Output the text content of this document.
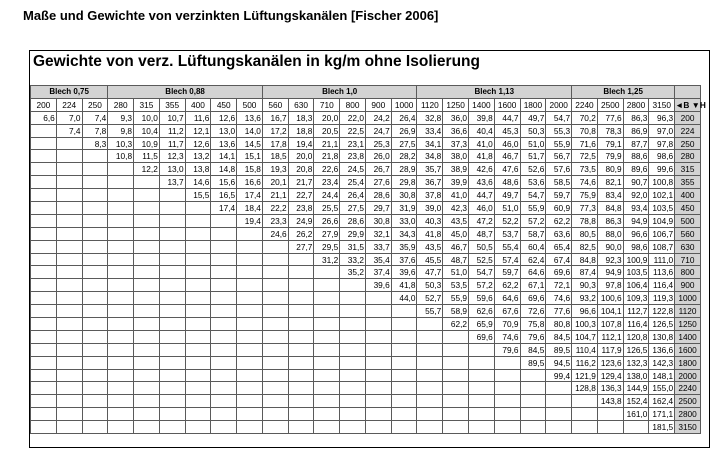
Maße und Gewichte von verzinkten Lüftungskanälen [Fischer 2006]
Gewichte von verz. Lüftungskanälen in kg/m ohne Isolierung
Blech 0,75			Blech 0,88						Blech 1,0						Blech 1,13						Blech 1,25				
200	224	250	280	315	355	400	450	500	560	630	710	800	900	1000	1120	1250	1400	1600	1800	2000	2240	2500	2800	3150	◄B ▼H
6,6	7,0	7,4	9,3	10,0	10,7	11,6	12,6	13,6	16,7	18,3	20,0	22,0	24,2	26,4	32,8	36,0	39,8	44,7	49,7	54,7	70,2	77,6	86,3	96,3	200
	7,4	7,8	9,8	10,4	11,2	12,1	13,0	14,0	17,2	18,8	20,5	22,5	24,7	26,9	33,4	36,6	40,4	45,3	50,3	55,3	70,8	78,3	86,9	97,0	224
		8,3	10,3	10,9	11,7	12,6	13,6	14,5	17,8	19,4	21,1	23,1	25,3	27,5	34,1	37,3	41,0	46,0	51,0	55,9	71,6	79,1	87,7	97,8	250
			10,8	11,5	12,3	13,2	14,1	15,1	18,5	20,0	21,8	23,8	26,0	28,2	34,8	38,0	41,8	46,7	51,7	56,7	72,5	79,9	88,6	98,6	280
				12,2	13,0	13,8	14,8	15,8	19,3	20,8	22,6	24,5	26,7	28,9	35,7	38,9	42,6	47,6	52,6	57,6	73,5	80,9	89,6	99,6	315
					13,7	14,6	15,6	16,6	20,1	21,7	23,4	25,4	27,6	29,8	36,7	39,9	43,6	48,6	53,6	58,5	74,6	82,1	90,7	100,8	355
						15,5	16,5	17,4	21,1	22,7	24,4	26,4	28,6	30,8	37,8	41,0	44,7	49,7	54,7	59,7	75,9	83,4	92,0	102,1	400
							17,4	18,4	22,2	23,8	25,5	27,5	29,7	31,9	39,0	42,3	46,0	51,0	55,9	60,9	77,3	84,8	93,4	103,5	450
								19,4	23,3	24,9	26,6	28,6	30,8	33,0	40,3	43,5	47,2	52,2	57,2	62,2	78,8	86,3	94,9	104,9	500
									24,6	26,2	27,9	29,9	32,1	34,3	41,8	45,0	48,7	53,7	58,7	63,6	80,5	88,0	96,6	106,7	560
										27,7	29,5	31,5	33,7	35,9	43,5	46,7	50,5	55,4	60,4	65,4	82,5	90,0	98,6	108,7	630
											31,2	33,2	35,4	37,6	45,5	48,7	52,5	57,4	62,4	67,4	84,8	92,3	100,9	111,0	710
												35,2	37,4	39,6	47,7	51,0	54,7	59,7	64,6	69,6	87,4	94,9	103,5	113,6	800
													39,6	41,8	50,3	53,5	57,2	62,2	67,1	72,1	90,3	97,8	106,4	116,4	900
														44,0	52,7	55,9	59,6	64,6	69,6	74,6	93,2	100,6	109,3	119,3	1000
															55,7	58,9	62,6	67,6	72,6	77,6	96,6	104,1	112,7	122,8	1120
																62,2	65,9	70,9	75,8	80,8	100,3	107,8	116,4	126,5	1250
																	69,6	74,6	79,6	84,5	104,7	112,1	120,8	130,8	1400
																		79,6	84,5	89,5	110,4	117,9	126,5	136,6	1600
																			89,5	94,5	116,2	123,6	132,3	142,3	1800
																				99,4	121,9	129,4	138,0	148,1	2000
																					128,8	136,3	144,9	155,0	2240
																						143,8	152,4	162,4	2500
																							161,0	171,1	2800
																								181,5	3150
